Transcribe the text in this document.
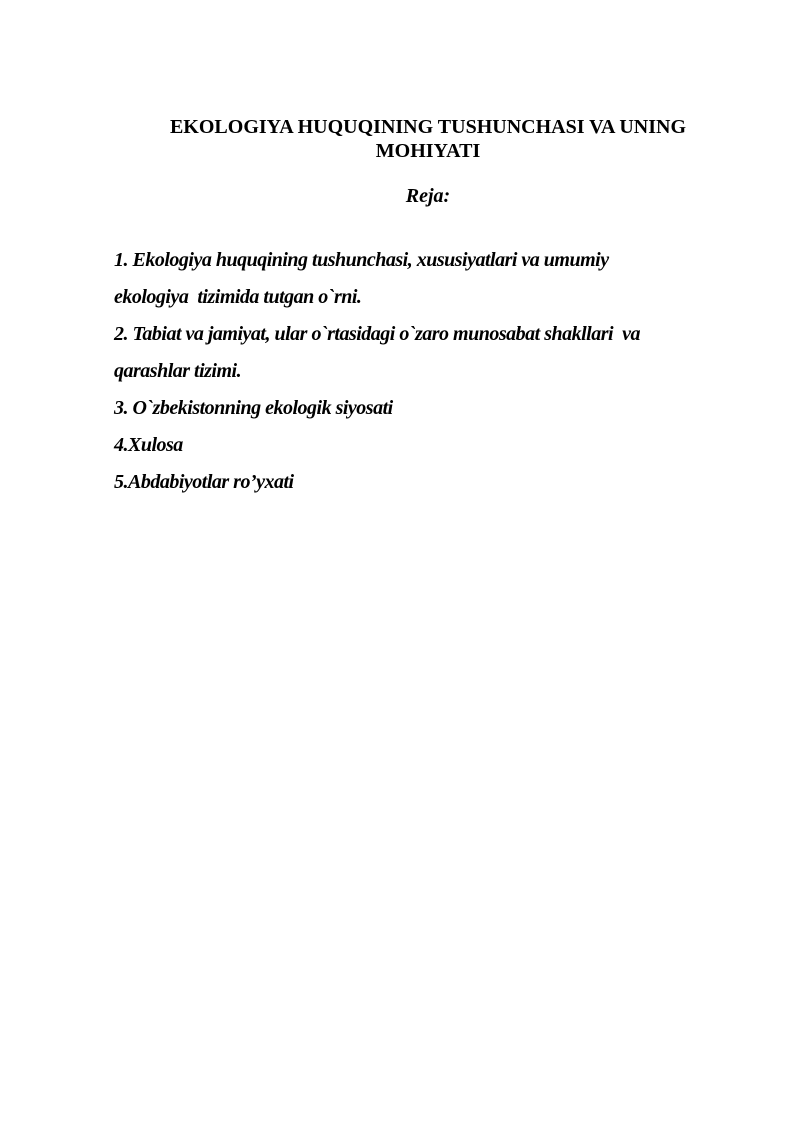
EKOLOGIYA HUQUQINING TUSHUNCHASI VA UNING MOHIYATI

Reja:

1. Ekologiya huquqining tushunchasi, xususiyatlari va umumiy
ekologiya  tizimida tutgan o`rni.
2. Tabiat va jamiyat, ular o`rtasidagi o`zaro munosabat shakllari  va
qarashlar tizimi.
3. O`zbekistonning ekologik siyosati
4.Xulosa
5.Abdabiyotlar ro’yxati
